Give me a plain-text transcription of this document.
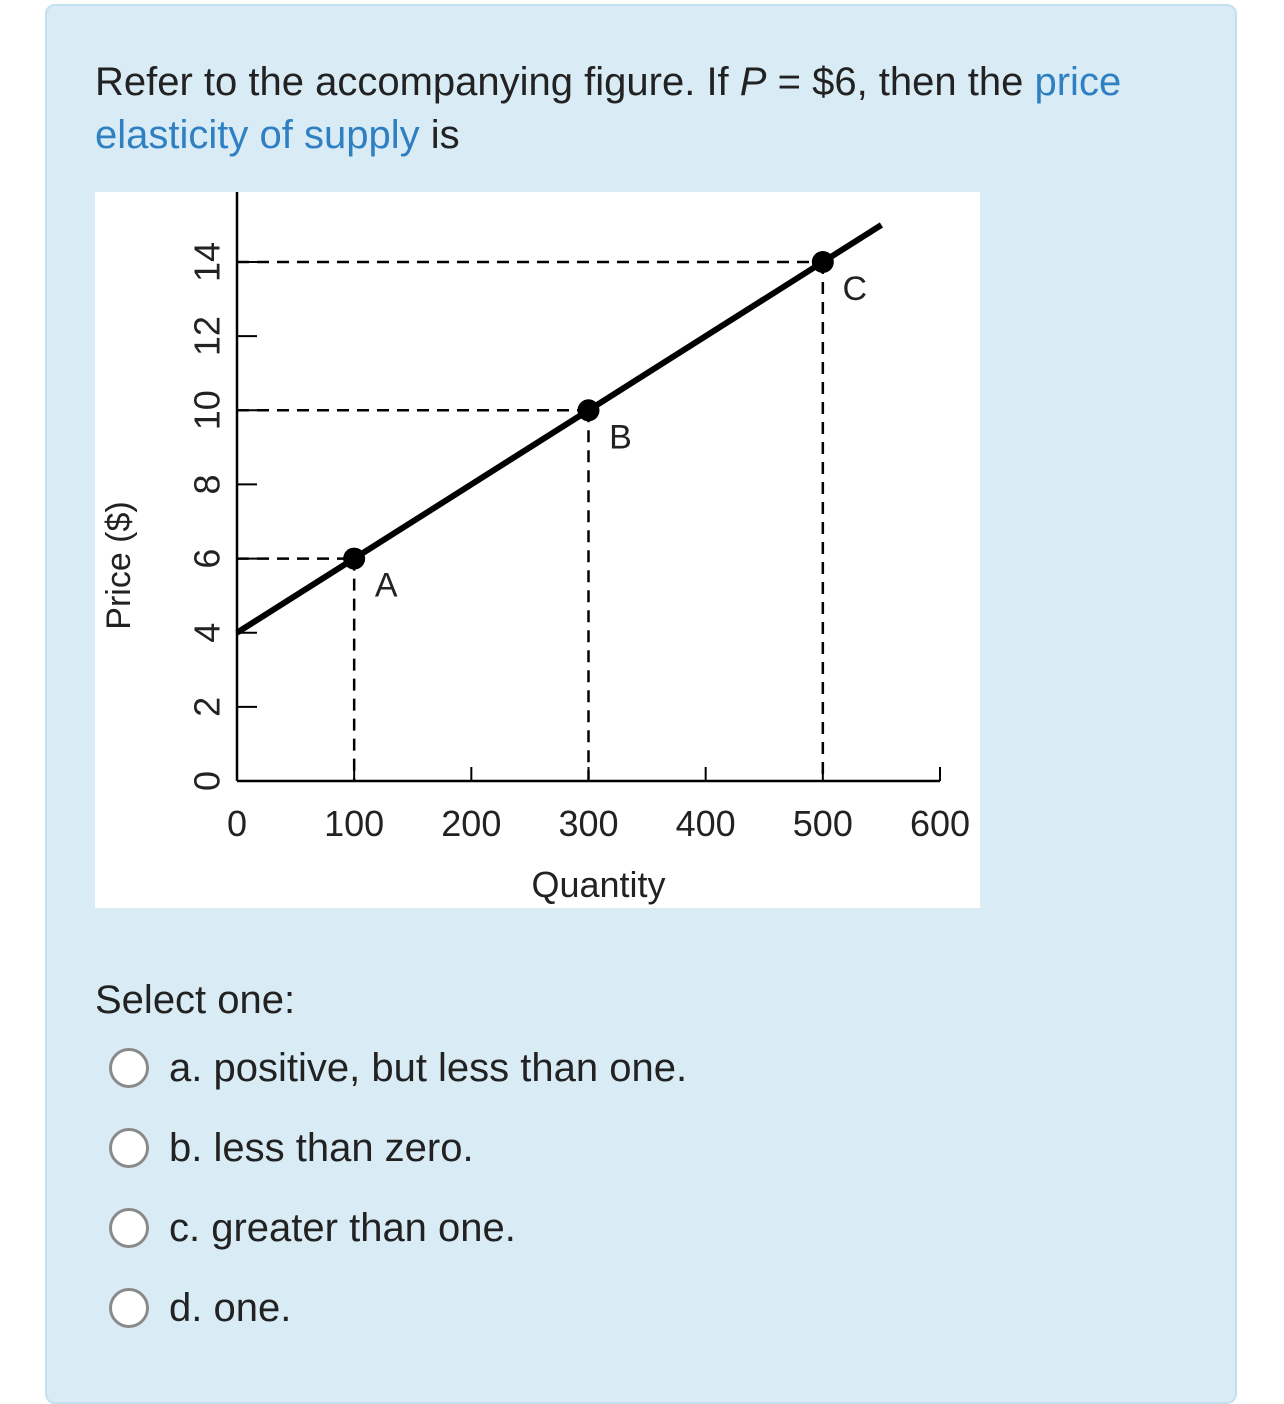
Refer to the accompanying figure. If P = $6, then the price
elasticity of supply is
0
2
4
6
8
10
12
14
0 100 200 300 400 500 600
Price ($)
Quantity
A
B
C
Select one:
a. positive, but less than one.
b. less than zero.
c. greater than one.
d. one.
